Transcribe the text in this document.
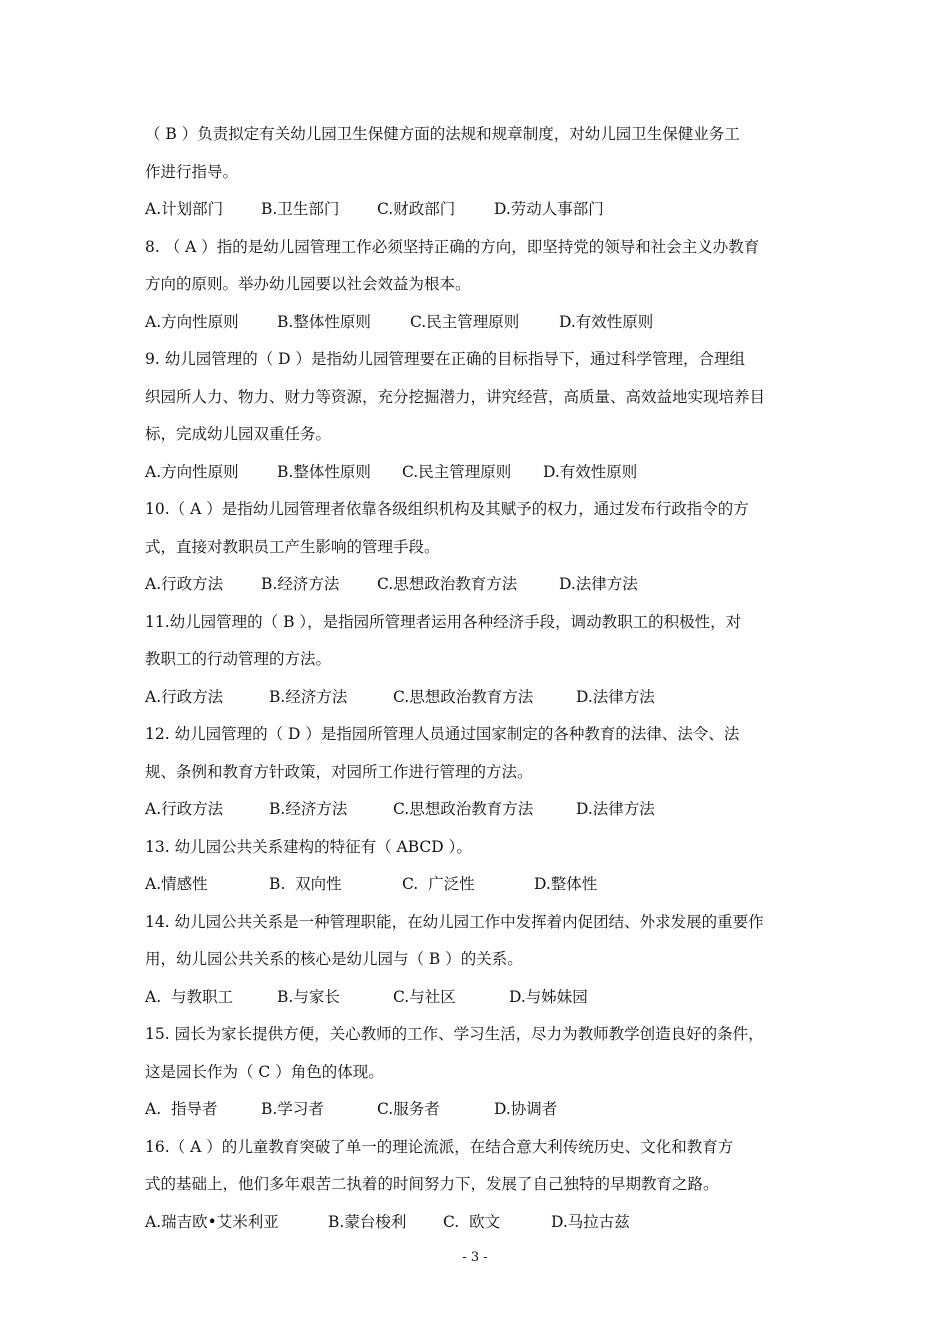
（ B ）负责拟定有关幼儿园卫生保健方面的法规和规章制度，对幼儿园卫生保健业务工
作进行指导。
A.计划部门 B.卫生部门 C.财政部门	D.劳动人事部门
8. （ A ）指的是幼儿园管理工作必须坚持正确的方向，即坚持党的领导和社会主义办教育
方向的原则。举办幼儿园要以社会效益为根本。
A.方向性原则 B.整体性原则	C.民主管理原则	D.有效性原则
9. 幼儿园管理的（ D ）是指幼儿园管理要在正确的目标指导下，通过科学管理，合理组
织园所人力、物力、财力等资源，充分挖掘潜力，讲究经营，高质量、高效益地实现培养目
标，完成幼儿园双重任务。
A.方向性原则 B.整体性原则 C.民主管理原则 D.有效性原则
10.（ A ）是指幼儿园管理者依靠各级组织机构及其赋予的权力，通过发布行政指令的方
式，直接对教职员工产生影响的管理手段。
A.行政方法 B.经济方法 C.思想政治教育方法	D.法律方法
11.幼儿园管理的（ B ），是指园所管理者运用各种经济手段，调动教职工的积极性，对
教职工的行动管理的方法。
A.行政方法	B.经济方法	C.思想政治教育方法	D.法律方法
12. 幼儿园管理的（ D ）是指园所管理人员通过国家制定的各种教育的法律、法令、法
规、条例和教育方针政策，对园所工作进行管理的方法。
A.行政方法	B.经济方法	C.思想政治教育方法	D.法律方法
13. 幼儿园公共关系建构的特征有（ ABCD ）。
A.情感性	B.  双向性	C.  广泛性	D.整体性
14. 幼儿园公共关系是一种管理职能，在幼儿园工作中发挥着内促团结、外求发展的重要作
用，幼儿园公共关系的核心是幼儿园与（ B ）的关系。
A.  与教职工	B.与家长	C.与社区	D.与姊妹园
15. 园长为家长提供方便，关心教师的工作、学习生活，尽力为教师教学创造良好的条件，
这是园长作为（ C ）角色的体现。
A.  指导者	B.学习者	C.服务者	D.协调者
16.（ A ）的儿童教育突破了单一的理论流派，在结合意大利传统历史、文化和教育方
式的基础上，他们多年艰苦二执着的时间努力下，发展了自己独特的早期教育之路。
A.瑞吉欧•艾米利亚	B.蒙台梭利 C.  欧文	D.马拉古兹
- 3 -
